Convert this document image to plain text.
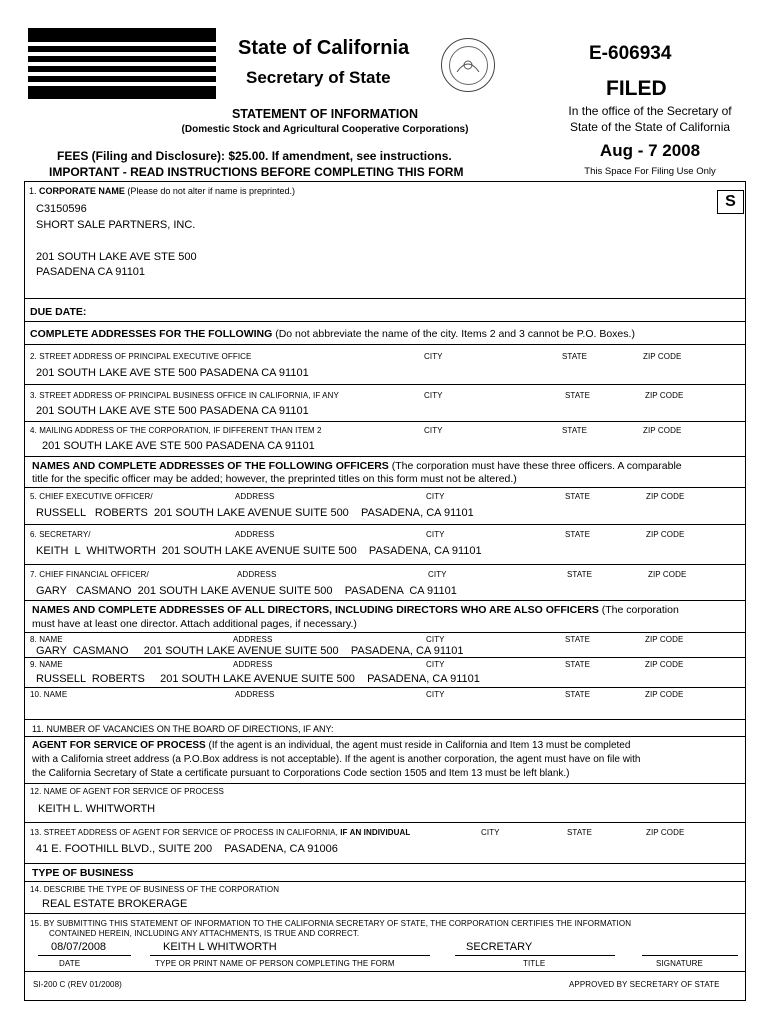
State of California
Secretary of State
E-606934
FILED
In the office of the Secretary of
State of the State of California
Aug - 7 2008
This Space For Filing Use Only
STATEMENT OF INFORMATION
(Domestic Stock and Agricultural Cooperative Corporations)
FEES (Filing and Disclosure): $25.00. If amendment, see instructions.
IMPORTANT - READ INSTRUCTIONS BEFORE COMPLETING THIS FORM
S
1. CORPORATE NAME (Please do not alter if name is preprinted.)
C3150596
SHORT SALE PARTNERS, INC.
201 SOUTH LAKE AVE STE 500
PASADENA CA 91101
DUE DATE:
COMPLETE ADDRESSES FOR THE FOLLOWING (Do not abbreviate the name of the city. Items 2 and 3 cannot be P.O. Boxes.)
2. STREET ADDRESS OF PRINCIPAL EXECUTIVE OFFICE	CITY	STATE	ZIP CODE
201 SOUTH LAKE AVE STE 500 PASADENA CA 91101
3. STREET ADDRESS OF PRINCIPAL BUSINESS OFFICE IN CALIFORNIA, IF ANY	CITY	STATE	ZIP CODE
201 SOUTH LAKE AVE STE 500 PASADENA CA 91101
4. MAILING ADDRESS OF THE CORPORATION, IF DIFFERENT THAN ITEM 2	CITY	STATE	ZIP CODE
201 SOUTH LAKE AVE STE 500 PASADENA CA 91101
NAMES AND COMPLETE ADDRESSES OF THE FOLLOWING OFFICERS (The corporation must have these three officers. A comparable
title for the specific officer may be added; however, the preprinted titles on this form must not be altered.)
5. CHIEF EXECUTIVE OFFICER/	ADDRESS	CITY	STATE	ZIP CODE
RUSSELL   ROBERTS  201 SOUTH LAKE AVENUE SUITE 500    PASADENA, CA 91101
6. SECRETARY/	ADDRESS	CITY	STATE	ZIP CODE
KEITH  L  WHITWORTH  201 SOUTH LAKE AVENUE SUITE 500    PASADENA, CA 91101
7. CHIEF FINANCIAL OFFICER/	ADDRESS	CITY	STATE	ZIP CODE
GARY   CASMANO  201 SOUTH LAKE AVENUE SUITE 500    PASADENA  CA 91101
NAMES AND COMPLETE ADDRESSES OF ALL DIRECTORS, INCLUDING DIRECTORS WHO ARE ALSO OFFICERS (The corporation
must have at least one director. Attach additional pages, if necessary.)
8. NAME	ADDRESS	CITY	STATE	ZIP CODE
GARY  CASMANO     201 SOUTH LAKE AVENUE SUITE 500    PASADENA, CA 91101
9. NAME	ADDRESS	CITY	STATE	ZIP CODE
RUSSELL  ROBERTS     201 SOUTH LAKE AVENUE SUITE 500    PASADENA, CA 91101
10. NAME	ADDRESS	CITY	STATE	ZIP CODE
11. NUMBER OF VACANCIES ON THE BOARD OF DIRECTIONS, IF ANY:
AGENT FOR SERVICE OF PROCESS (If the agent is an individual, the agent must reside in California and Item 13 must be completed
with a California street address (a P.O.Box address is not acceptable). If the agent is another corporation, the agent must have on file with
the California Secretary of State a certificate pursuant to Corporations Code section 1505 and Item 13 must be left blank.)
12. NAME OF AGENT FOR SERVICE OF PROCESS
KEITH L. WHITWORTH
13. STREET ADDRESS OF AGENT FOR SERVICE OF PROCESS IN CALIFORNIA, IF AN INDIVIDUAL	CITY	STATE	ZIP CODE
41 E. FOOTHILL BLVD., SUITE 200    PASADENA, CA 91006
TYPE OF BUSINESS
14. DESCRIBE THE TYPE OF BUSINESS OF THE CORPORATION
REAL ESTATE BROKERAGE
15. BY SUBMITTING THIS STATEMENT OF INFORMATION TO THE CALIFORNIA SECRETARY OF STATE, THE CORPORATION CERTIFIES THE INFORMATION
CONTAINED HEREIN, INCLUDING ANY ATTACHMENTS, IS TRUE AND CORRECT.
08/07/2008	KEITH L WHITWORTH	SECRETARY
DATE	TYPE OR PRINT NAME OF PERSON COMPLETING THE FORM	TITLE	SIGNATURE
SI-200 C (REV 01/2008)	APPROVED BY SECRETARY OF STATE
